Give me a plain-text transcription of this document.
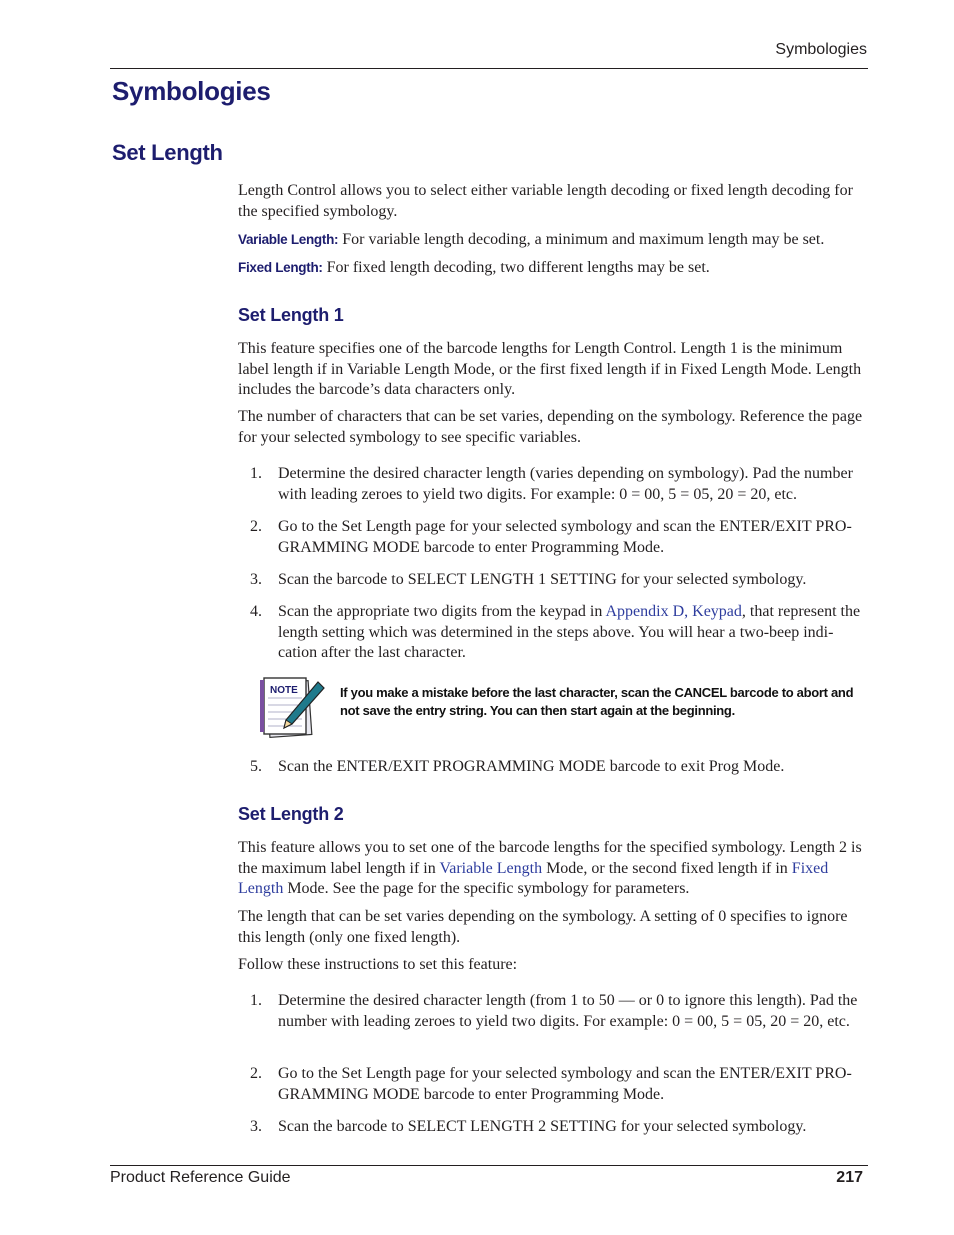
Symbologies
Symbologies
Set Length

Length Control allows you to select either variable length decoding or fixed length decoding for the specified symbology.

Variable Length: For variable length decoding, a minimum and maximum length may be set.

Fixed Length: For fixed length decoding, two different lengths may be set.

Set Length 1

This feature specifies one of the barcode lengths for Length Control. Length 1 is the minimum label length if in Variable Length Mode, or the first fixed length if in Fixed Length Mode. Length includes the barcode’s data characters only.

The number of characters that can be set varies, depending on the symbology. Reference the page for your selected symbology to see specific variables.

1. Determine the desired character length (varies depending on symbology). Pad the number with leading zeroes to yield two digits. For example: 0 = 00, 5 = 05, 20 = 20, etc.
2. Go to the Set Length page for your selected symbology and scan the ENTER/EXIT PRO-GRAMMING MODE barcode to enter Programming Mode.
3. Scan the barcode to SELECT LENGTH 1 SETTING for your selected symbology.
4. Scan the appropriate two digits from the keypad in Appendix D, Keypad, that represent the length setting which was determined in the steps above. You will hear a two-beep indi-cation after the last character.
NOTE	If you make a mistake before the last character, scan the CANCEL barcode to abort and not save the entry string. You can then start again at the beginning.

5. Scan the ENTER/EXIT PROGRAMMING MODE barcode to exit Prog Mode.
Set Length 2

This feature allows you to set one of the barcode lengths for the specified symbology. Length 2 is the maximum label length if in Variable Length Mode, or the second fixed length if in Fixed Length Mode. See the page for the specific symbology for parameters.

The length that can be set varies depending on the symbology. A setting of 0 specifies to ignore this length (only one fixed length).

Follow these instructions to set this feature:

1. Determine the desired character length (from 1 to 50 — or 0 to ignore this length). Pad the number with leading zeroes to yield two digits. For example: 0 = 00, 5 = 05, 20 = 20, etc.
2. Go to the Set Length page for your selected symbology and scan the ENTER/EXIT PRO-GRAMMING MODE barcode to enter Programming Mode.
3. Scan the barcode to SELECT LENGTH 2 SETTING for your selected symbology.
Product Reference Guide	217
